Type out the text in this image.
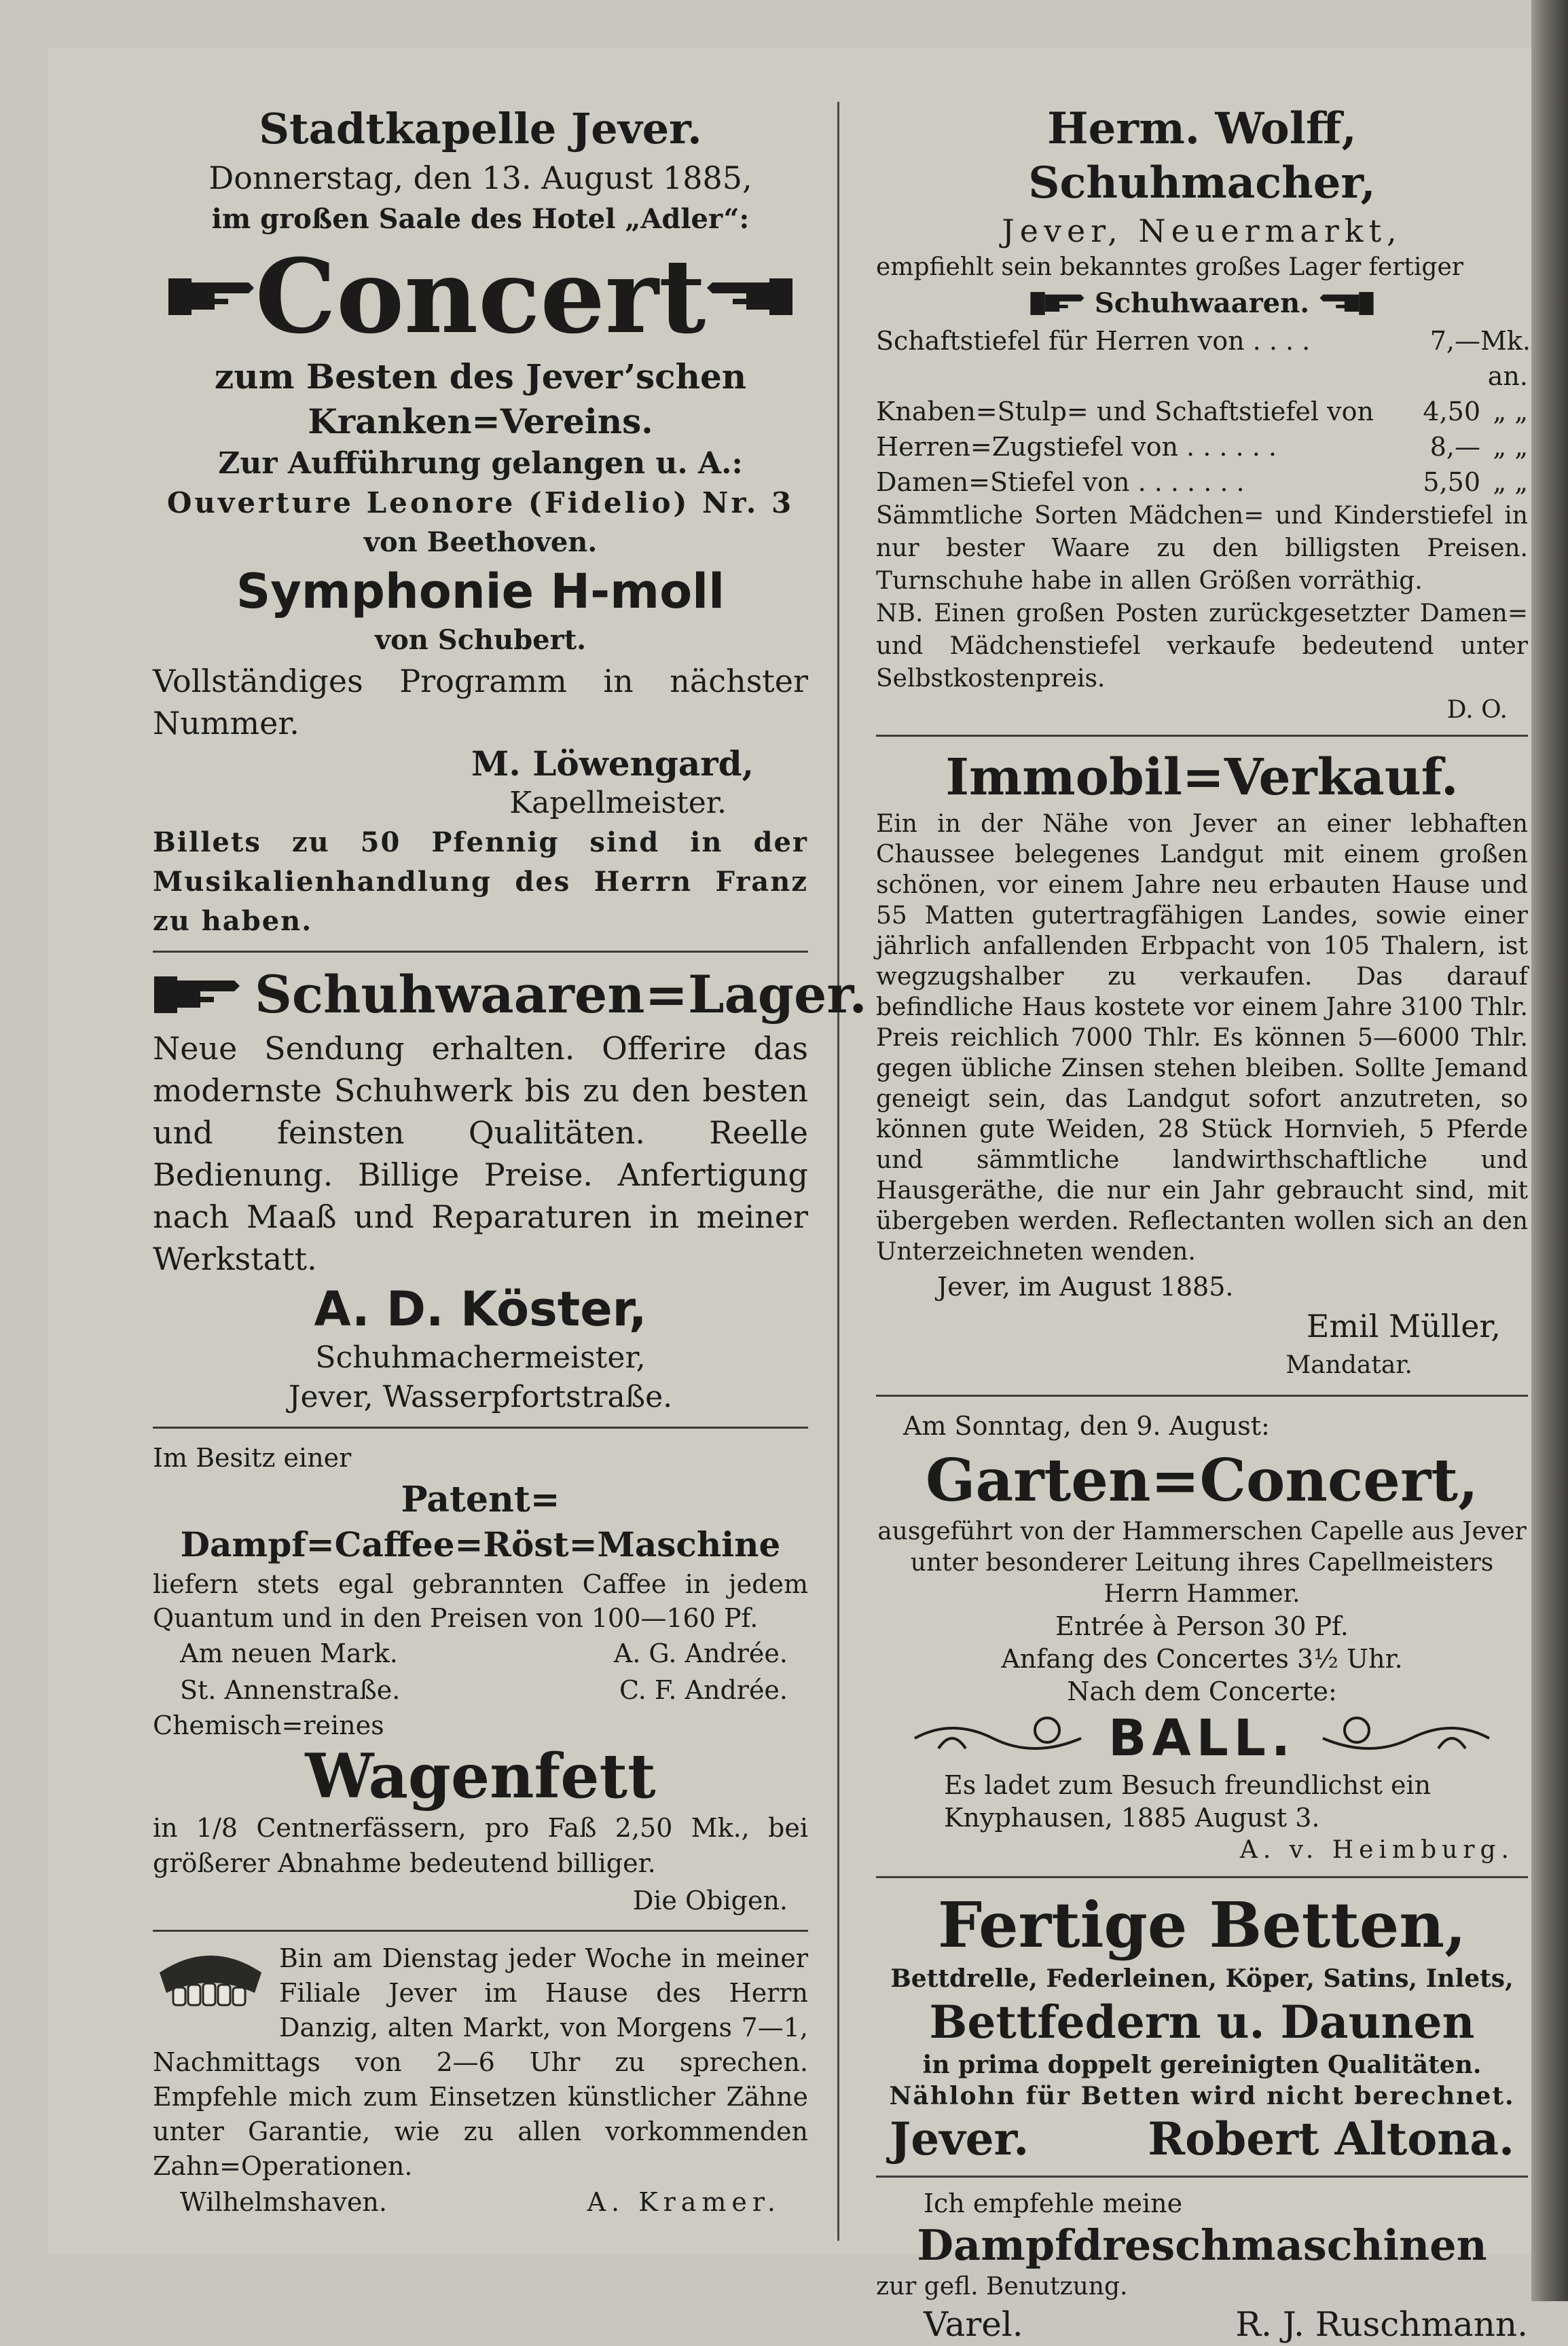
Stadtkapelle Jever.

Donnerstag, den 13. August 1885,

im großen Saale des Hotel „Adler“:

Concert

zum Besten des Jever’schen

Kranken=Vereins.

Zur Aufführung gelangen u. A.:

Ouverture Leonore (Fidelio) Nr. 3

von Beethoven.

Symphonie H-moll

von Schubert.

Vollständiges Programm in nächster Nummer.

M. Löwengard,

Kapellmeister.

Billets zu 50 Pfennig sind in der Musikalienhandlung des Herrn Franz zu haben.

Schuhwaaren=Lager.

Neue Sendung erhalten. Offerire das modernste Schuhwerk bis zu den besten und feinsten Qualitäten. Reelle Bedienung. Billige Preise. Anfertigung nach Maaß und Reparaturen in meiner Werkstatt.

A. D. Köster,

Schuhmachermeister,

Jever, Wasserpfortstraße.

Im Besitz einer

Patent=

Dampf=Caffee=Röst=Maschine

liefern stets egal gebrannten Caffee in jedem Quantum und in den Preisen von 100—160 Pf.

Am neuen Mark.	A. G. Andrée.
St. Annenstraße.	C. F. Andrée.

Chemisch=reines

Wagenfett

in 1/8 Centnerfässern, pro Faß 2,50 Mk., bei größerer Abnahme bedeutend billiger.

Die Obigen.

Bin am Dienstag jeder Woche in meiner Filiale Jever im Hause des Herrn Danzig, alten Markt, von Morgens 7—1, Nachmittags von 2—6 Uhr zu sprechen. Empfehle mich zum Einsetzen künstlicher Zähne unter Garantie, wie zu allen vorkommenden Zahn=Operationen.

Wilhelmshaven.	A. Kramer.

Herm. Wolff, Schuhmacher,

Jever, Neuermarkt,

empfiehlt sein bekanntes großes Lager fertiger

Schuhwaaren.
Schaftstiefel für Herren von . . . .	7,— Mk. an.
Knaben=Stulp= und Schaftstiefel von	4,50 „ „
Herren=Zugstiefel von . . . . . .	8,— „ „
Damen=Stiefel von . . . . . . .	5,50 „ „

Sämmtliche Sorten Mädchen= und Kinderstiefel in nur bester Waare zu den billigsten Preisen. Turnschuhe habe in allen Größen vorräthig.

NB. Einen großen Posten zurückgesetzter Damen= und Mädchenstiefel verkaufe bedeutend unter Selbstkostenpreis.

D. O.

Immobil=Verkauf.

Ein in der Nähe von Jever an einer lebhaften Chaussee belegenes Landgut mit einem großen schönen, vor einem Jahre neu erbauten Hause und 55 Matten gutertragfähigen Landes, sowie einer jährlich anfallenden Erbpacht von 105 Thalern, ist wegzugshalber zu verkaufen. Das darauf befindliche Haus kostete vor einem Jahre 3100 Thlr. Preis reichlich 7000 Thlr. Es können 5—6000 Thlr. gegen übliche Zinsen stehen bleiben. Sollte Jemand geneigt sein, das Landgut sofort anzutreten, so können gute Weiden, 28 Stück Hornvieh, 5 Pferde und sämmtliche landwirthschaftliche und Hausgeräthe, die nur ein Jahr gebraucht sind, mit übergeben werden. Reflectanten wollen sich an den Unterzeichneten wenden.

Jever, im August 1885.

Emil Müller,

Mandatar.

Am Sonntag, den 9. August:

Garten=Concert,

ausgeführt von der Hammerschen Capelle aus Jever unter besonderer Leitung ihres Capellmeisters Herrn Hammer.

Entrée à Person 30 Pf.

Anfang des Concertes 3½ Uhr.

Nach dem Concerte:

BALL.

Es ladet zum Besuch freundlichst ein

Knyphausen, 1885 August 3.

A. v. Heimburg.

Fertige Betten,

Bettdrelle, Federleinen, Köper, Satins, Inlets,

Bettfedern u. Daunen

in prima doppelt gereinigten Qualitäten.

Nählohn für Betten wird nicht berechnet.

Jever.	Robert Altona.

Ich empfehle meine

Dampfdreschmaschinen

zur gefl. Benutzung.

Varel.	R. J. Ruschmann.
